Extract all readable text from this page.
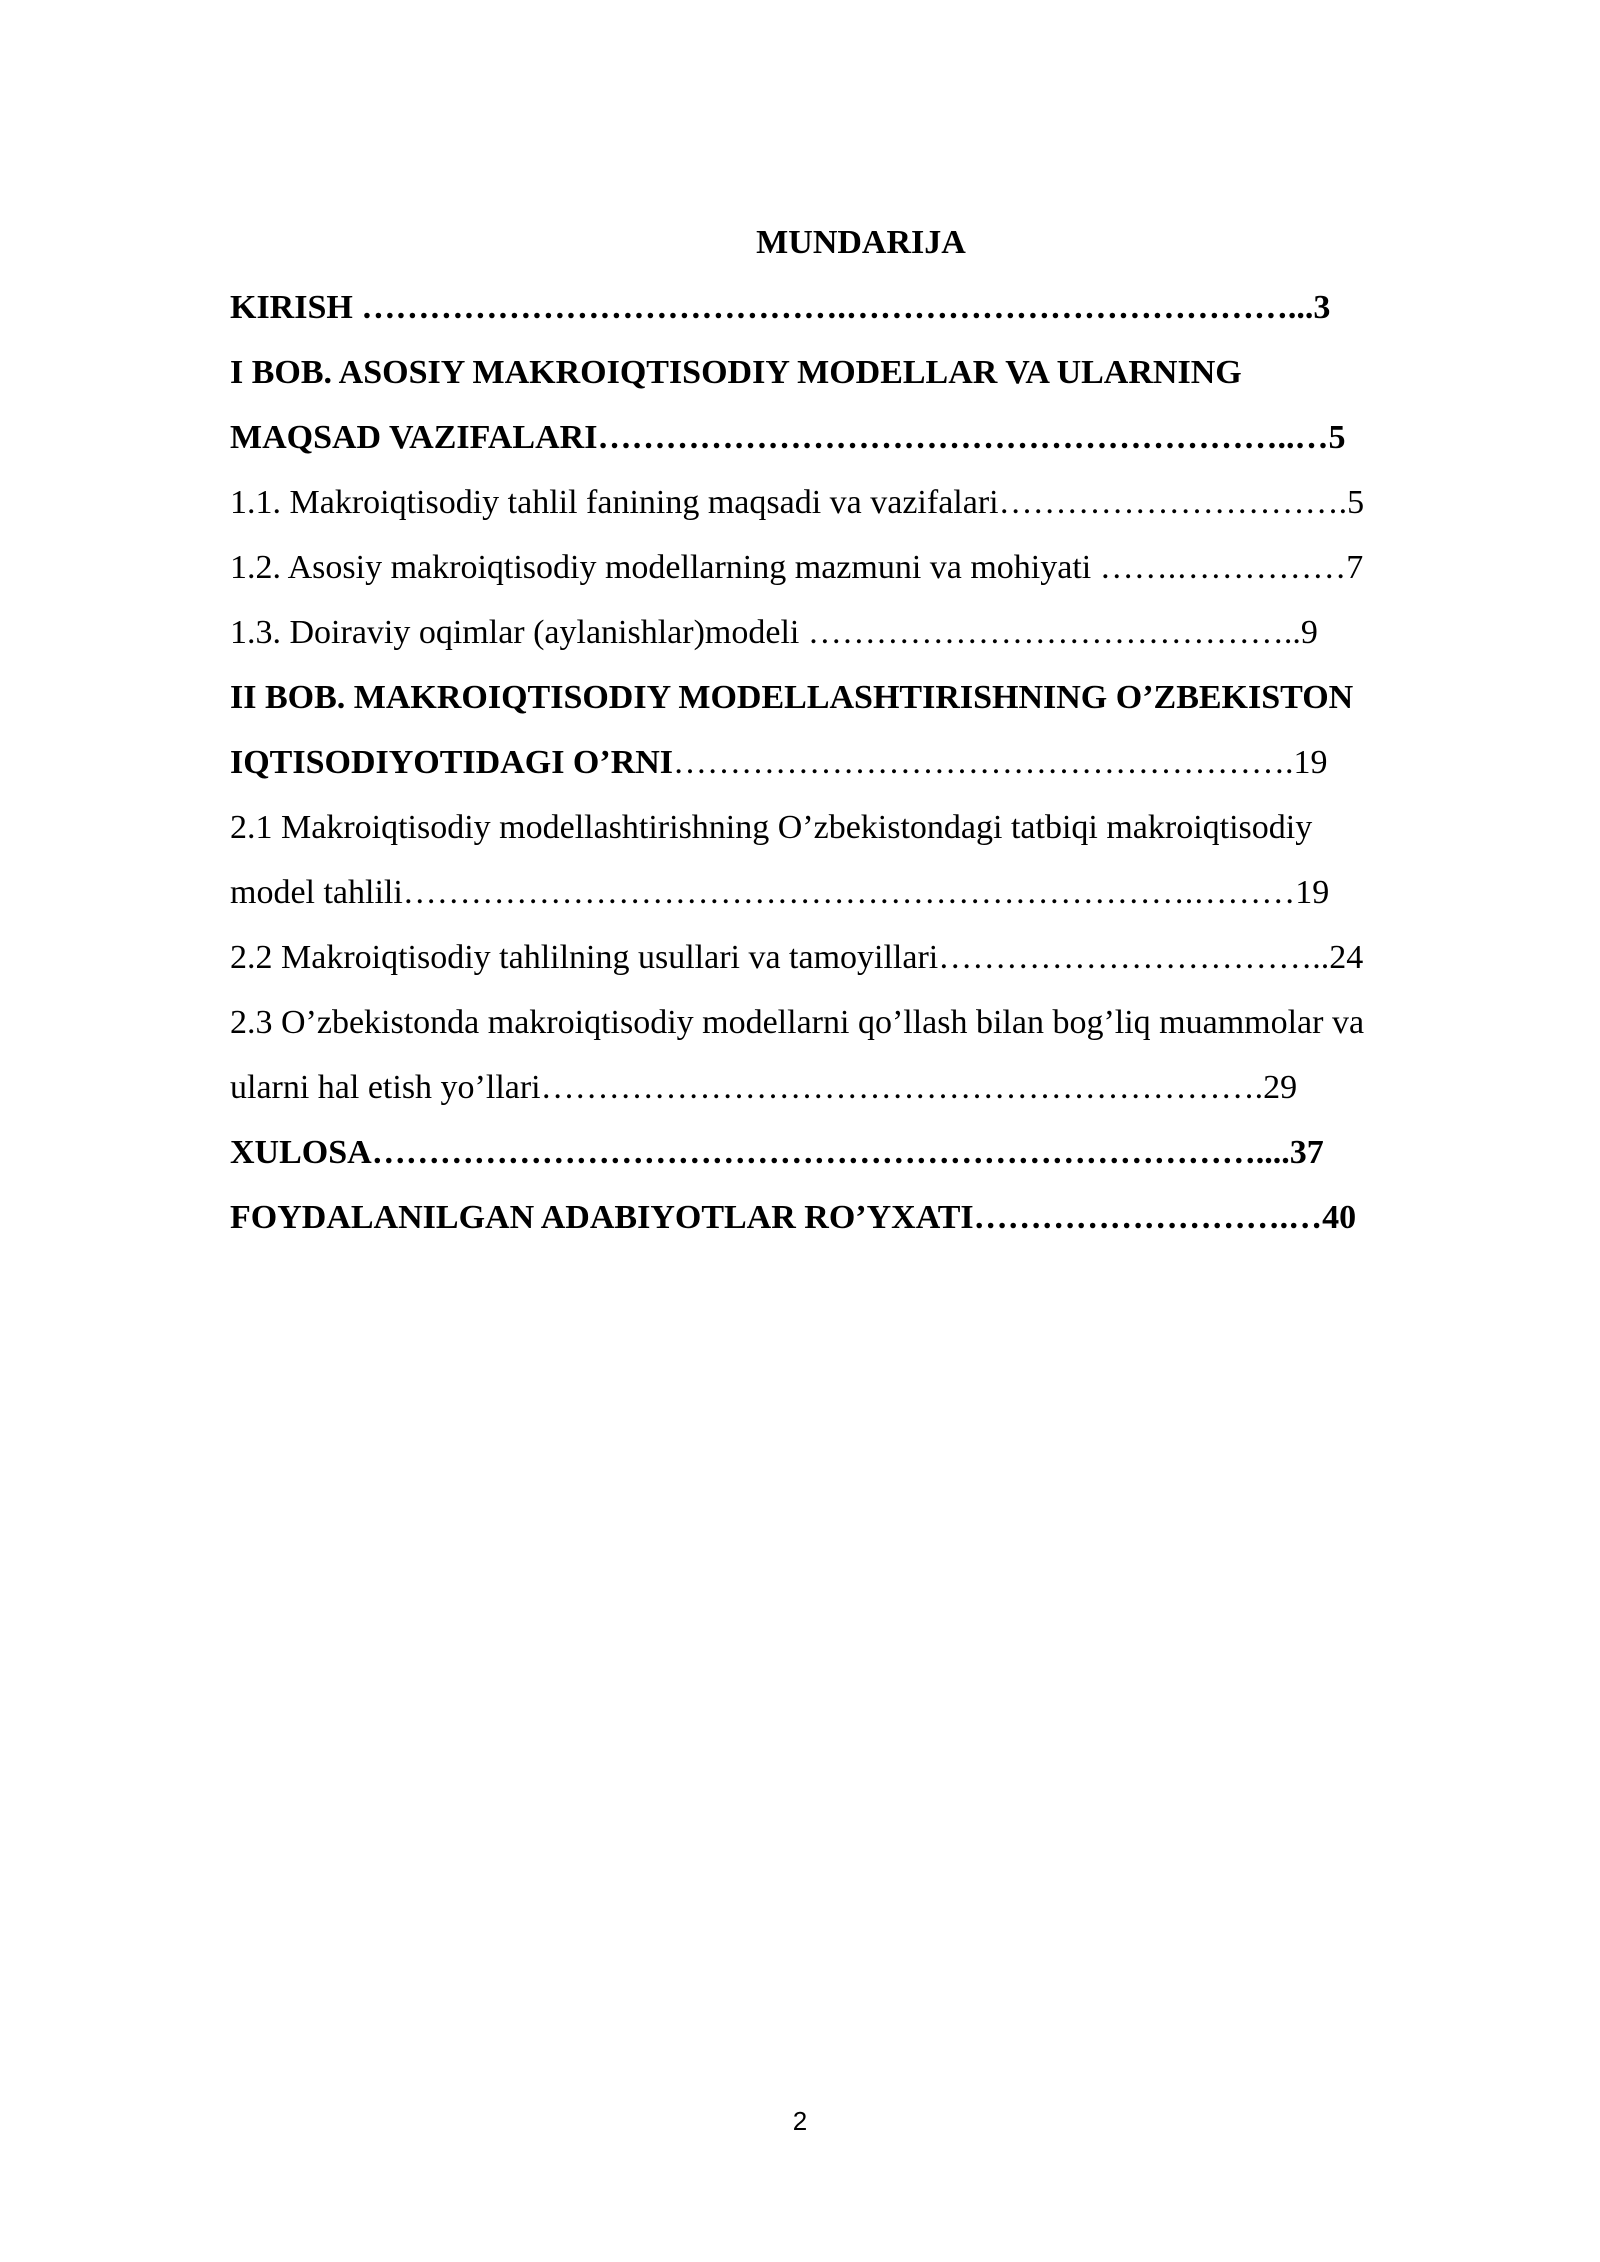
MUNDARIJA
KIRISH …………………………………….…………………………………...3
I BOB. ASOSIY MAKROIQTISODIY MODELLAR VA ULARNING
MAQSAD VAZIFALARI……………………………………………………..…5
1.1. Makroiqtisodiy tahlil fanining maqsadi va vazifalari………………………….5
1.2. Asosiy makroiqtisodiy modellarning mazmuni va mohiyati …….……………7
1.3. Doiraviy oqimlar (aylanishlar)modeli ……………………………………..9
II BOB. MAKROIQTISODIY MODELLASHTIRISHNING O’ZBEKISTON
IQTISODIYOTIDAGI O’RNI……………………………………………….19
2.1 Makroiqtisodiy modellashtirishning O’zbekistondagi tatbiqi makroiqtisodiy
model tahlili…………………………………………………………….………19
2.2 Makroiqtisodiy tahlilning usullari va tamoyillari……………………………..24
2.3 O’zbekistonda makroiqtisodiy modellarni qo’llash bilan bog’liq muammolar va
ularni hal etish yo’llari……………………………………………………….29
XULOSA……………………………………………………………………....37
FOYDALANILGAN ADABIYOTLAR RO’YXATI……………………….…40
2
